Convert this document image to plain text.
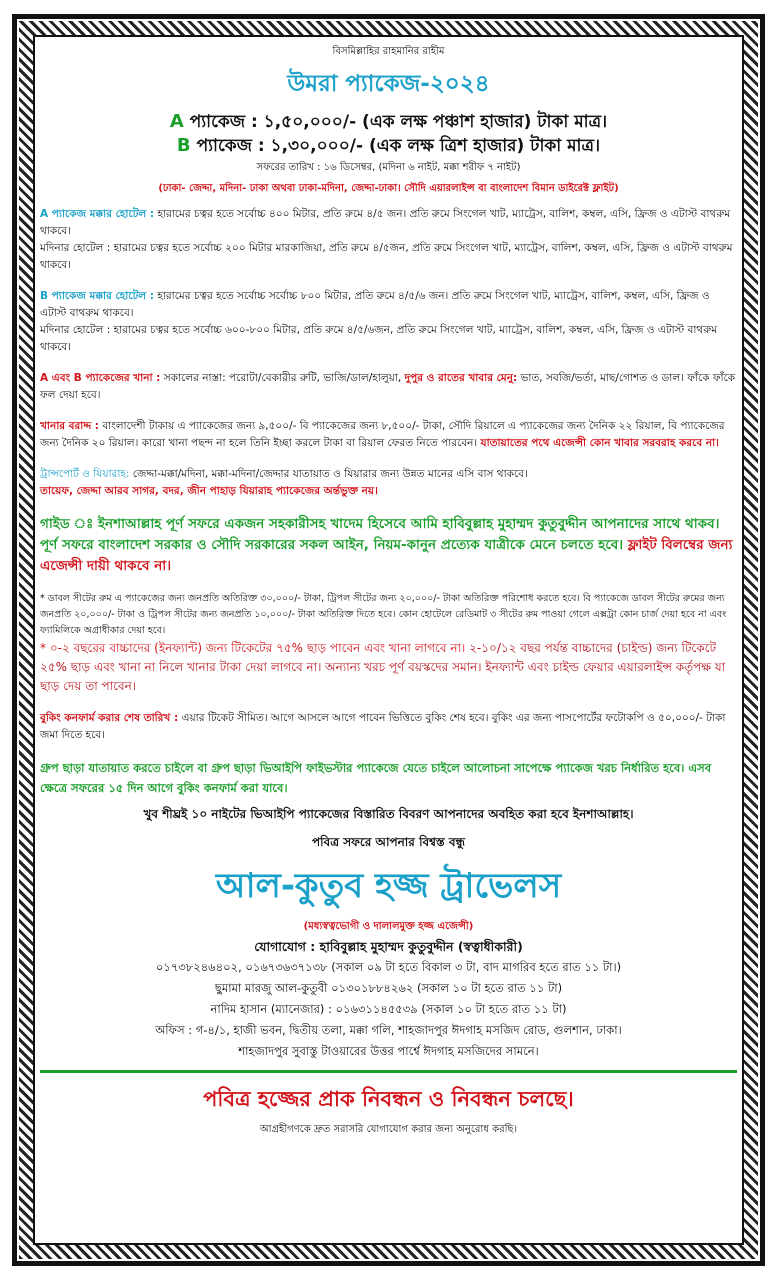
বিসমিল্লাহির রাহমানির রাহীম
উমরা প্যাকেজ-২০২৪
A প্যাকেজ : ১,৫০,০০০/- (এক লক্ষ পঞ্চাশ হাজার) টাকা মাত্র।
B প্যাকেজ : ১,৩০,০০০/- (এক লক্ষ ত্রিশ হাজার) টাকা মাত্র।
সফরের তারিখ : ১৬ ডিসেম্বর, (মদিনা ৬ নাইট, মক্কা শরীফ ৭ নাইট)
(ঢাকা- জেদ্দা, মদিনা- ঢাকা অথবা ঢাকা-মদিনা, জেদ্দা-ঢাকা। সৌদি এয়ারলাইন্স বা বাংলাদেশ বিমান ডাইরেক্ট ফ্লাইট)

A প্যাকেজ মক্কার হোটেল : হারামের চত্বর হতে সর্বোচ্চ ৪০০ মিটার, প্রতি রুমে ৪/৫ জন। প্রতি রুমে সিংগেল খাট, ম্যাট্রেস, বালিশ, কম্বল, এসি, ফ্রিজ ও এটাস্ট বাথরুম থাকবে।

মদিনার হোটেল : হারামের চত্বর হতে সর্বোচ্চ ২০০ মিটার মারকাজিয়া, প্রতি রুমে ৪/৫জন, প্রতি রুমে সিংগেল খাট, ম্যাট্রেস, বালিশ, কম্বল, এসি, ফ্রিজ ও এটাস্ট বাথরুম থাকবে।

B প্যাকেজ মক্কার হোটেল : হারামের চত্বর হতে সর্বোচ্চ সর্বোচ্চ ৮০০ মিটার, প্রতি রুমে ৪/৫/৬ জন। প্রতি রুমে সিংগেল খাট, ম্যাট্রেস, বালিশ, কম্বল, এসি, ফ্রিজ ও এটাস্ট বাথরুম থাকবে।

মদিনার হোটেল : হারামের চত্বর হতে সর্বোচ্চ ৬০০-৮০০ মিটার, প্রতি রুমে ৪/৫/৬জন, প্রতি রুমে সিংগেল খাট, ম্যাট্রেস, বালিশ, কম্বল, এসি, ফ্রিজ ও এটাস্ট বাথরুম থাকবে।

A এবং B প্যাকেজের খানা : সকালের নাস্তা: পরোটা/বেকারীর রুটি, ভাজি/ডাল/হালুয়া, দুপুর ও রাতের খাবার মেনু: ভাত, সবজি/ভর্তা, মাছ/গোশত ও ডাল। ফাঁকে ফাঁকে ফল দেয়া হবে।

খানার বরাদ্দ : বাংলাদেশী টাকায় এ প্যাকেজের জন্য ৯,৫০০/- বি প্যাকেজের জন্য ৮,৫০০/- টাকা, সৌদি রিয়ালে এ প্যাকেজের জন্য দৈনিক ২২ রিয়াল, বি প্যাকেজের জন্য দৈনিক ২০ রিয়াল। কারো খানা পছন্দ না হলে তিনি ইচ্ছা করলে টাকা বা রিয়াল ফেরত নিতে পারবেন। যাতায়াতের পথে এজেন্সী কোন খাবার সরবরাহ করবে না।

ট্রান্সপোর্ট ও যিয়ারাহ: জেদ্দা-মক্কা/মদিনা, মক্কা-মদিনা/জেদ্দার যাতায়াত ও যিয়ারার জন্য উন্নত মানের এসি বাস থাকবে।

তায়েফ, জেদ্দা আরব সাগর, বদর, জীন পাহাড় যিয়ারাহ প্যাকেজের অর্ন্তভুক্ত নয়।

গাইড ঃ ইনশাআল্লাহ পূর্ণ সফরে একজন সহকারীসহ খাদেম হিসেবে আমি হাবিবুল্লাহ মুহাম্মদ কুতুবুদ্দীন আপনাদের সাথে থাকব। পূর্ণ সফরে বাংলাদেশ সরকার ও সৌদি সরকারের সকল আইন, নিয়ম-কানুন প্রত্যেক যাত্রীকে মেনে চলতে হবে। ফ্লাইট বিলম্বের জন্য এজেন্সী দায়ী থাকবে না।

* ডাবল সীটের রুম এ প্যাকেজের জন্য জনপ্রতি অতিরিক্ত ৩০,০০০/- টাকা, ট্রিপল সীটের জন্য ২০,০০০/- টাকা অতিরিক্ত পরিশোধ করতে হবে। বি প্যাকেজে ডাবল সীটের রুমের জন্য জনপ্রতি ২০,০০০/- টাকা ও ট্রিপল সীটের জন্য জনপ্রতি ১০,০০০/- টাকা অতিরিক্ত দিতে হবে। কোন হোটেলে রেডিমাট ৩ সীটের রুম পাওয়া গেলে এক্সট্রা কোন চার্জ দেয়া হবে না এবং ফ্যামিলিকে অগ্রাধীকার দেয়া হবে।

* ০-২ বছরের বাচ্চাদের (ইনফ্যান্ট) জন্য টিকেটের ৭৫% ছাড় পাবেন এবং খানা লাগবে না। ২-১০/১২ বছর পর্যন্ত বাচ্চাদের (চাইল্ড) জন্য টিকেটে ২৫% ছাড় এবং খানা না নিলে খানার টাকা দেয়া লাগবে না। অন্যান্য খরচ পূর্ণ বয়স্কদের সমান। ইনফ্যান্ট এবং চাইল্ড ফেয়ার এয়ারলাইন্স কর্তৃপক্ষ যা ছাড় দেয় তা পাবেন।

বুকিং কনফার্ম করার শেষ তারিখ : এয়ার টিকেট সীমিত। আগে আসলে আগে পাবেন ভিত্তিতে বুকিং শেষ হবে। বুকিং এর জন্য পাসপোর্টের ফটোকপি ও ৫০,০০০/- টাকা জমা দিতে হবে।

গ্রুপ ছাড়া যাতায়াত করতে চাইলে বা গ্রুপ ছাড়া ভিআইপি ফাইভস্টার প্যাকেজে যেতে চাইলে আলোচনা সাপেক্ষে প্যাকেজ খরচ নির্ধারিত হবে। এসব ক্ষেত্রে সফরের ১৫ দিন আগে বুকিং কনফার্ম করা যাবে।

খুব শীঘ্রই ১০ নাইটের ভিআইপি প্যাকেজের বিস্তারিত বিবরণ আপনাদের অবহিত করা হবে ইনশাআল্লাহ।
পবিত্র সফরে আপনার বিশ্বস্ত বন্ধু
আল-কুতুব হজ্জ ট্রাভেলস
(মধ্যস্বত্বভোগী ও দালালমুক্ত হজ্জ এজেন্সী)
যোগাযোগ : হাবিবুল্লাহ মুহাম্মদ কুতুবুদ্দীন (স্বত্বাধীকারী)
০১৭৩৮২৪৬৪০২, ০১৬৭৩৬৩৭১৩৮ (সকাল ০৯ টা হতে বিকাল ৩ টা, বাদ মাগরিব হতে রাত ১১ টা।)
ছুমামা মারজু আল-কুতুবী ০১৩০১৮৮৪২৬২ (সকাল ১০ টা হতে রাত ১১ টা)
নাদিম হাসান (ম্যানেজার) : ০১৬৩১১৪৫৫৩৯ (সকাল ১০ টা হতে রাত ১১ টা)
অফিস : গ-৪/১, হাজী ভবন, দ্বিতীয় তলা, মক্কা গলি, শাহজাদপুর ঈদগাহ মসজিদ রোড, গুলশান, ঢাকা।
শাহজাদপুর সুবাস্তু টাওয়ারের উত্তর পার্শ্বে ঈদগাহ মসজিদের সামনে।
পবিত্র হজ্জের প্রাক নিবন্ধন ও নিবন্ধন চলছে।
আগ্রহীগণকে দ্রুত সরাসরি যোগাযোগ করার জন্য অনুরোধ করছি।
